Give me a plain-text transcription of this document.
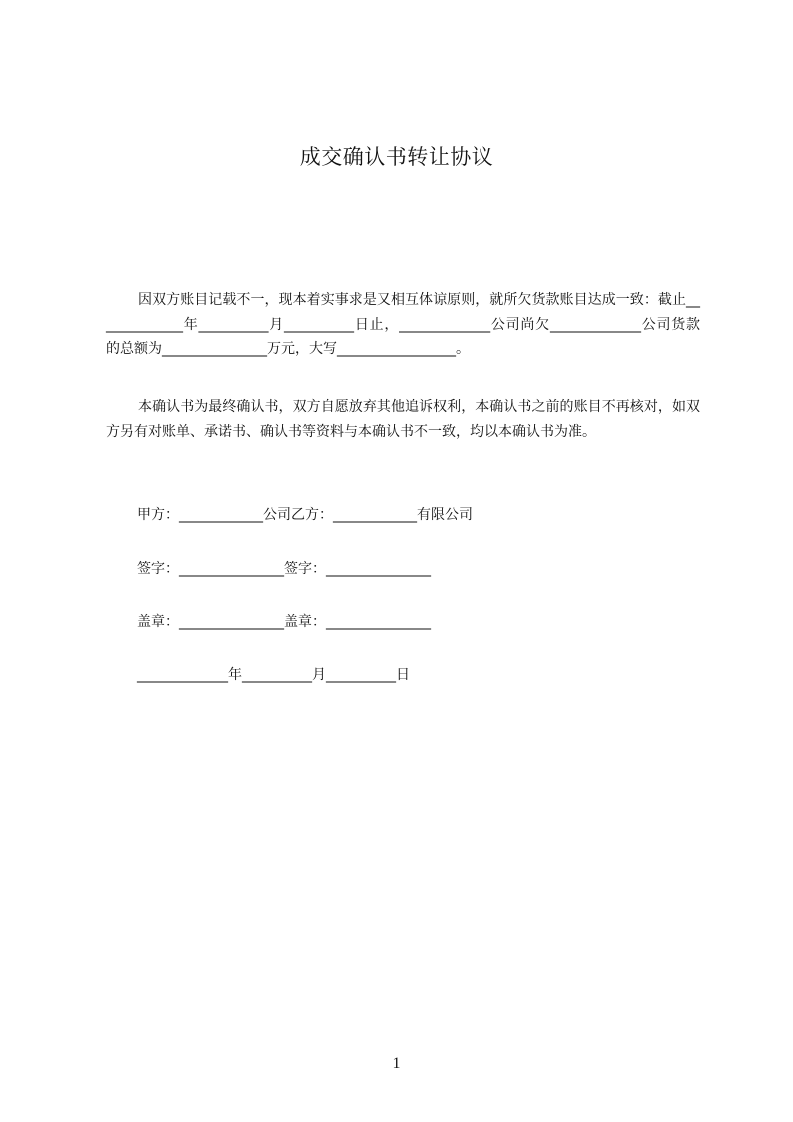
成交确认书转让协议
因双方账目记载不一，现本着实事求是又相互体谅原则，就所欠货款账目达成一致：截止_____________年__________月__________日止，_____________公司尚欠_____________公司货款的总额为_______________万元，大写_________________。
本确认书为最终确认书，双方自愿放弃其他追诉权利，本确认书之前的账目不再核对，如双方另有对账单、承诺书、确认书等资料与本确认书不一致，均以本确认书为准。
甲方：____________公司乙方：____________有限公司
签字：_______________签字：_______________
盖章：_______________盖章：_______________
_____________年__________月__________日
1
